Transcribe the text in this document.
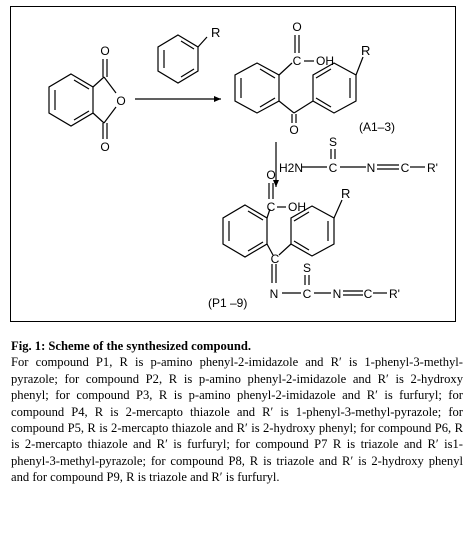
O
O
O
R
C
O
OH
O
R
(A1–3)
H2N
S
C N C R'
C
O
OH
C
R
N
S
C N C R'
(P1 –9)
Fig. 1: Scheme of the synthesized compound.
For compound P1, R is p-amino phenyl-2-imidazole and R′ is 1-phenyl-3-methyl-pyrazole; for compound P2, R is p-amino phenyl-2-imidazole and R′ is 2-hydroxy phenyl; for compound P3, R is p-amino phenyl-2-imidazole and R′ is furfuryl; for compound P4, R is 2-mercapto thiazole and R′ is 1-phenyl-3-methyl-pyrazole; for compound P5, R is 2-mercapto thiazole and R′ is 2-hydroxy phenyl; for compound P6, R is 2-mercapto thiazole and R′ is furfuryl; for compound P7 R is triazole and R′ is1-phenyl-3-methyl-pyrazole; for compound P8, R is triazole and R′ is 2-hydroxy phenyl and for compound P9, R is triazole and R′ is furfuryl.
